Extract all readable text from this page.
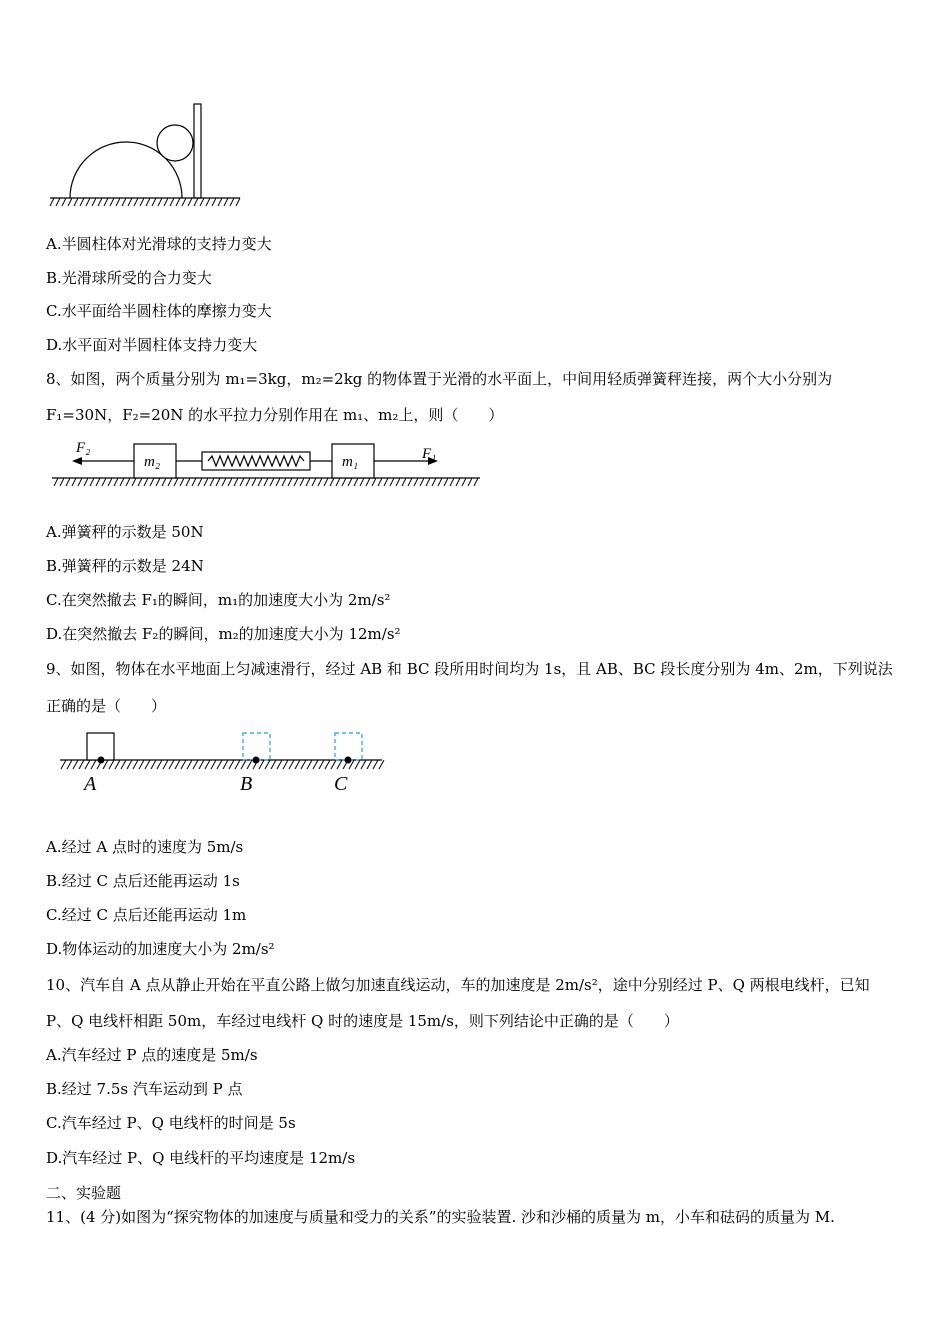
A.半圆柱体对光滑球的支持力变大
B.光滑球所受的合力变大
C.水平面给半圆柱体的摩擦力变大
D.水平面对半圆柱体支持力变大
8、如图，两个质量分别为 m₁=3kg，m₂=2kg 的物体置于光滑的水平面上，中间用轻质弹簧秤连接，两个大小分别为
F₁=30N，F₂=20N 的水平拉力分别作用在 m₁、m₂上，则（　　）
F₂
m₂	m₁	F₁
A.弹簧秤的示数是 50N
B.弹簧秤的示数是 24N
C.在突然撤去 F₁的瞬间，m₁的加速度大小为 2m/s²
D.在突然撤去 F₂的瞬间，m₂的加速度大小为 12m/s²
9、如图，物体在水平地面上匀减速滑行，经过 AB 和 BC 段所用时间均为 1s，且 AB、BC 段长度分别为 4m、2m，下列说法
正确的是（　　）
A	B	C
A.经过 A 点时的速度为 5m/s
B.经过 C 点后还能再运动 1s
C.经过 C 点后还能再运动 1m
D.物体运动的加速度大小为 2m/s²
10、汽车自 A 点从静止开始在平直公路上做匀加速直线运动，车的加速度是 2m/s²，途中分别经过 P、Q 两根电线杆，已知
P、Q 电线杆相距 50m，车经过电线杆 Q 时的速度是 15m/s，则下列结论中正确的是（　　）
A.汽车经过 P 点的速度是 5m/s
B.经过 7.5s 汽车运动到 P 点
C.汽车经过 P、Q 电线杆的时间是 5s
D.汽车经过 P、Q 电线杆的平均速度是 12m/s
二、实验题
11、(4 分)如图为“探究物体的加速度与质量和受力的关系”的实验装置. 沙和沙桶的质量为 m，小车和砝码的质量为 M.
